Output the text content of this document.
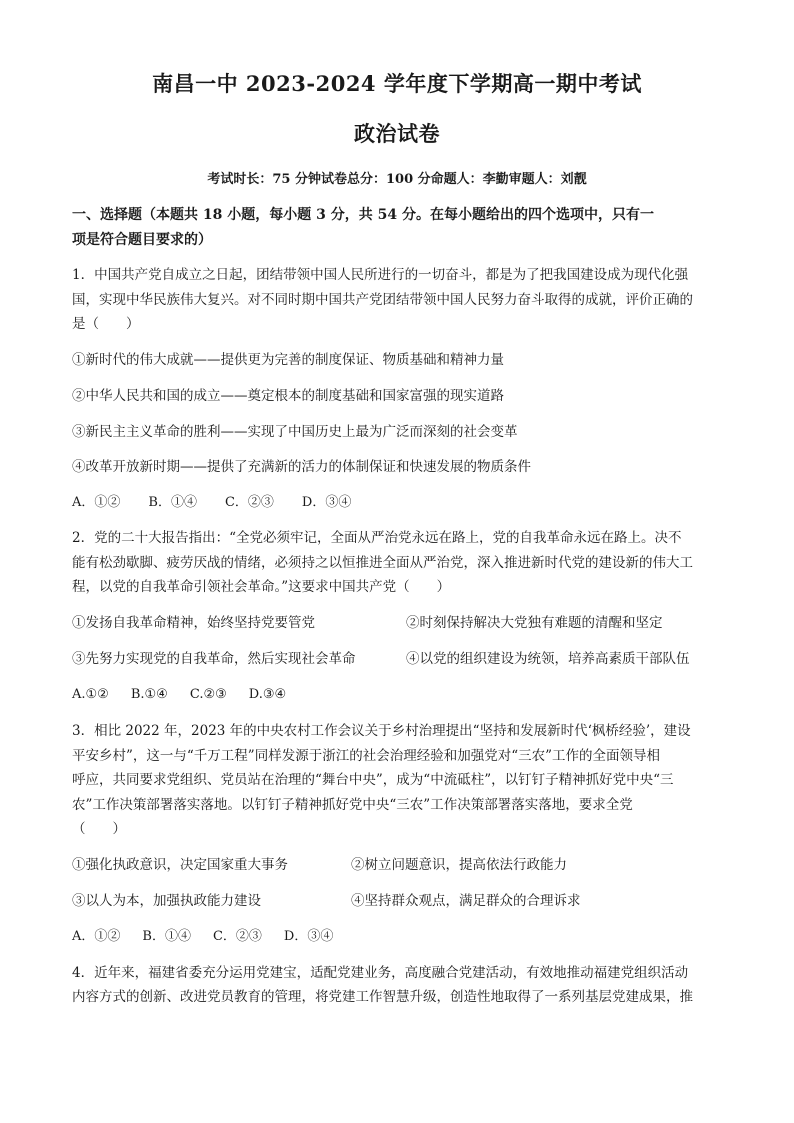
南昌一中 2023-2024 学年度下学期高一期中考试
政治试卷
考试时长：75 分钟试卷总分：100 分命题人：李勤审题人：刘靓
一、选择题（本题共 18 小题，每小题 3 分，共 54 分。在每小题给出的四个选项中，只有一
项是符合题目要求的）
1．中国共产党自成立之日起，团结带领中国人民所进行的一切奋斗，都是为了把我国建设成为现代化强
国，实现中华民族伟大复兴。对不同时期中国共产党团结带领中国人民努力奋斗取得的成就，评价正确的
是（　　）
①新时代的伟大成就——提供更为完善的制度保证、物质基础和精神力量
②中华人民共和国的成立——奠定根本的制度基础和国家富强的现实道路
③新民主主义革命的胜利——实现了中国历史上最为广泛而深刻的社会变革
④改革开放新时期——提供了充满新的活力的体制保证和快速发展的物质条件
A．①② B．①④ C．②③ D．③④
2．党的二十大报告指出：“全党必须牢记，全面从严治党永远在路上，党的自我革命永远在路上。决不
能有松劲歇脚、疲劳厌战的情绪，必须持之以恒推进全面从严治党，深入推进新时代党的建设新的伟大工
程，以党的自我革命引领社会革命。”这要求中国共产党（　　）
①发扬自我革命精神，始终坚持党要管党	②时刻保持解决大党独有难题的清醒和坚定
③先努力实现党的自我革命，然后实现社会革命	④以党的组织建设为统领，培养高素质干部队伍
A.①② B.①④ C.②③ D.③④
3．相比 2022 年，2023 年的中央农村工作会议关于乡村治理提出“坚持和发展新时代‘枫桥经验’，建设
平安乡村”，这一与“千万工程”同样发源于浙江的社会治理经验和加强党对“三农”工作的全面领导相
呼应，共同要求党组织、党员站在治理的“舞台中央”，成为“中流砥柱”，以钉钉子精神抓好党中央“三
农”工作决策部署落实落地。以钉钉子精神抓好党中央“三农”工作决策部署落实落地，要求全党
（　　）
①强化执政意识，决定国家重大事务	②树立问题意识，提高依法行政能力
③以人为本，加强执政能力建设	④坚持群众观点，满足群众的合理诉求
A．①② B．①④ C．②③ D．③④
4．近年来，福建省委充分运用党建宝，适配党建业务，高度融合党建活动，有效地推动福建党组织活动
内容方式的创新、改进党员教育的管理，将党建工作智慧升级，创造性地取得了一系列基层党建成果，推
